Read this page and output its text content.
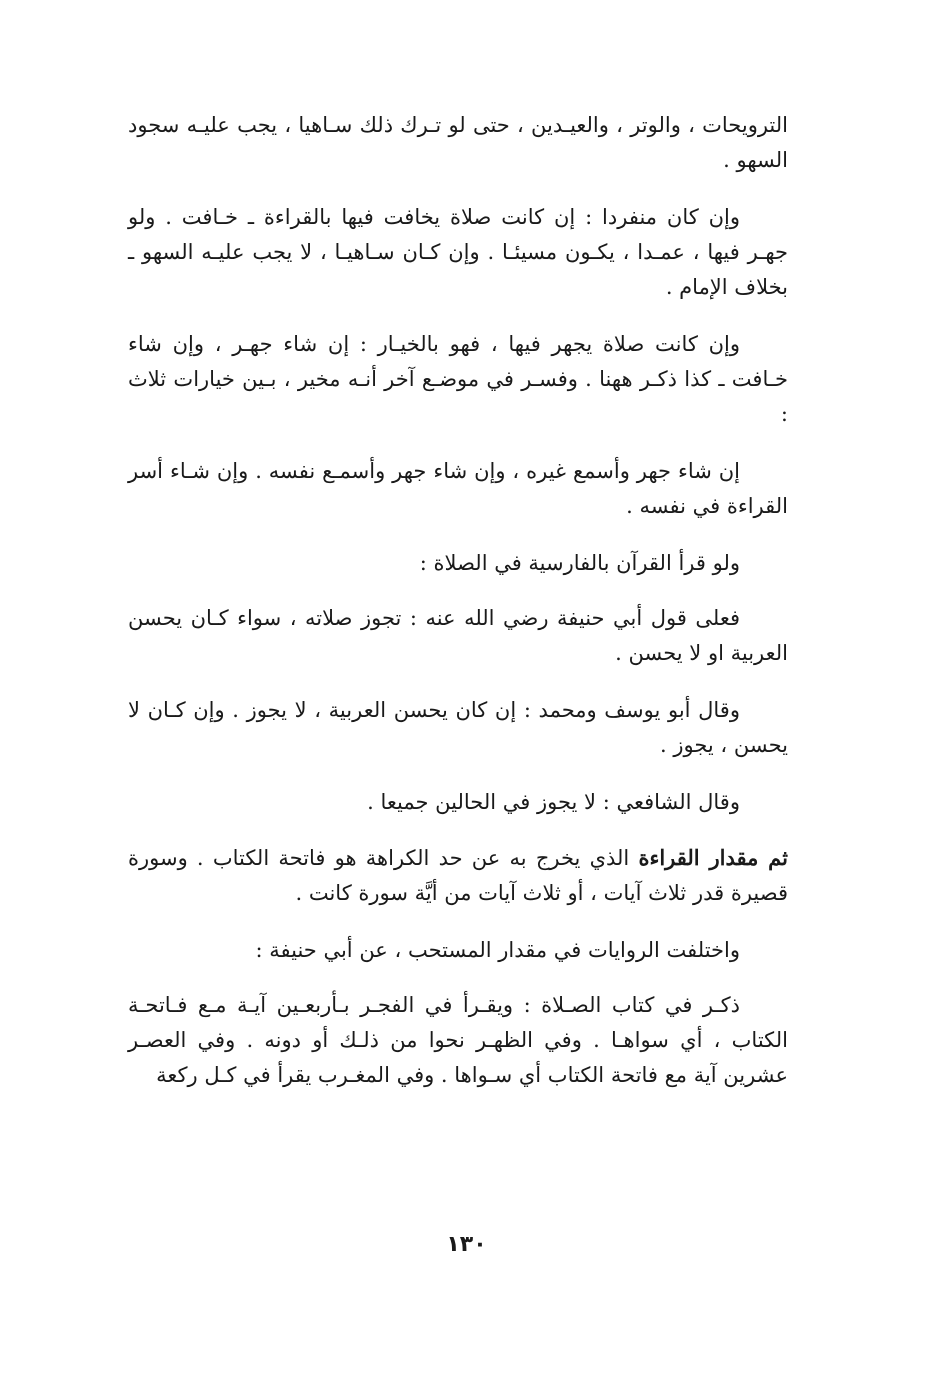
الترويحات ، والوتر ، والعيـدين ، حتى لو تـرك ذلك سـاهيا ، يجب عليـه سجود السهو .

وإن كان منفردا : إن كانت صلاة يخافت فيها بالقراءة ـ خـافت . ولو جهـر فيها ، عمـدا ، يكـون مسيئـا . وإن كـان سـاهيـا ، لا يجب عليـه السهو ـ بخلاف الإمام .

وإن كانت صلاة يجهر فيها ، فهو بالخيـار : إن شاء جهـر ، وإن شاء خـافت ـ كذا ذكـر ههنا . وفسـر في موضـع آخر أنـه مخير ، بـين خيارات ثلاث :

إن شاء جهر وأسمع غيره ، وإن شاء جهر وأسمـع نفسه . وإن شـاء أسر القراءة في نفسه .

ولو قرأ القرآن بالفارسية في الصلاة :

فعلى قول أبي حنيفة رضي الله عنه : تجوز صلاته ، سواء كـان يحسن العربية او لا يحسن .

وقال أبو يوسف ومحمد : إن كان يحسن العربية ، لا يجوز . وإن كـان لا يحسن ، يجوز .

وقال الشافعي : لا يجوز في الحالين جميعا .

ثم مقدار القراءة الذي يخرج به عن حد الكراهة هو فاتحة الكتاب . وسورة قصيرة قدر ثلاث آيات ، أو ثلاث آيات من أيَّة سورة كانت .

واختلفت الروايات في مقدار المستحب ، عن أبي حنيفة :

ذكـر في كتاب الصـلاة : ويقـرأ في الفجـر بـأربعـين آيـة مـع فـاتحـة الكتاب ، أي سواهـا . وفي الظهـر نحوا من ذلـك أو دونه . وفي العصـر عشرين آية مع فاتحة الكتاب أي سـواها . وفي المغـرب يقرأ في كـل ركعة

١٣٠
